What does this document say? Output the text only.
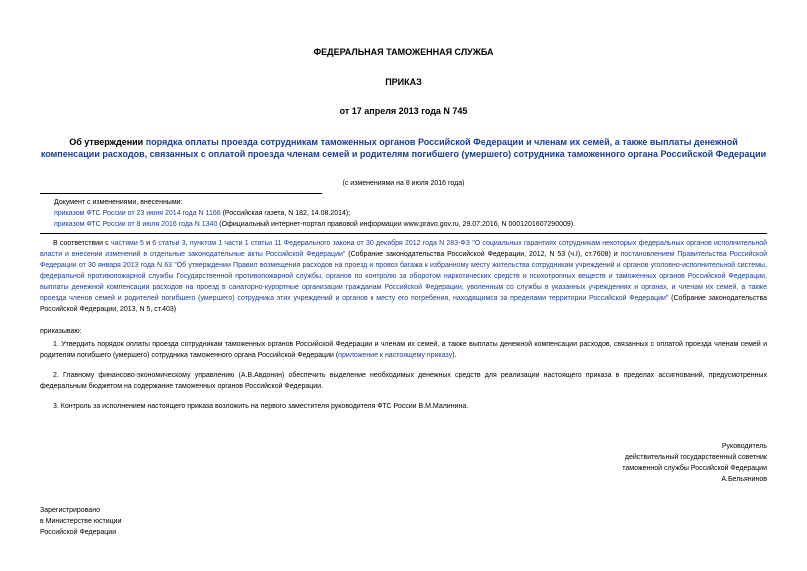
ФЕДЕРАЛЬНАЯ ТАМОЖЕННАЯ СЛУЖБА
ПРИКАЗ
от 17 апреля 2013 года N 745
Об утверждении порядка оплаты проезда сотрудникам таможенных органов Российской Федерации и членам их семей, а также выплаты денежной компенсации расходов, связанных с оплатой проезда членам семей и родителям погибшего (умершего) сотрудника таможенного органа Российской Федерации
(с изменениями на 8 июля 2016 года)
Документ с изменениями, внесенными:
приказом ФТС России от 23 июня 2014 года N 1166 (Российская газета, N 182, 14.08.2014);
приказом ФТС России от 8 июля 2016 года N 1340 (Официальный интернет-портал правовой информации www.pravo.gov.ru, 29.07.2016, N 0001201607290009).
В соответствии с частями 5 и 6 статьи 3, пунктом 1 части 1 статьи 11 Федерального закона от 30 декабря 2012 года N 283-ФЗ "О социальных гарантиях сотрудникам некоторых федеральных органов исполнительной власти и внесении изменений в отдельные законодательные акты Российской Федерации" (Собрание законодательства Российской Федерации, 2012, N 53 (ч.I), ст.7608) и постановлением Правительства Российской Федерации от 30 января 2013 года N 63 "Об утверждении Правил возмещения расходов на проезд и провоз багажа к избранному месту жительства сотрудникам учреждений и органов уголовно-исполнительной системы, федеральной противопожарной службы Государственной противопожарной службы, органов по контролю за оборотом наркотических средств и психотропных веществ и таможенных органов Российской Федерации, выплаты денежной компенсации расходов на проезд в санаторно-курортные организации гражданам Российской Федерации, уволенным со службы в указанных учреждениях и органах, и членам их семей, а также проезда членов семей и родителей погибшего (умершего) сотрудника этих учреждений и органов к месту его погребения, находящимся за пределами территории Российской Федерации" (Собрание законодательства Российской Федерации, 2013, N 5, ст.403)
приказываю:
1. Утвердить порядок оплаты проезда сотрудникам таможенных органов Российской Федерации и членам их семей, а также выплаты денежной компенсации расходов, связанных с оплатой проезда членам семей и родителям погибшего (умершего) сотрудника таможенного органа Российской Федерации (приложение к настоящему приказу).
2. Главному финансово-экономическому управлению (А.В.Авдонин) обеспечить выделение необходимых денежных средств для реализации настоящего приказа в пределах ассигнований, предусмотренных федеральным бюджетом на содержание таможенных органов Российской Федерации.
3. Контроль за исполнением настоящего приказа возложить на первого заместителя руководителя ФТС России В.М.Малинина.
Руководитель
действительный государственный советник
таможенной службы Российской Федерации
А.Бельянинов
Зарегистрировано
в Министерстве юстиции
Российской Федерации
